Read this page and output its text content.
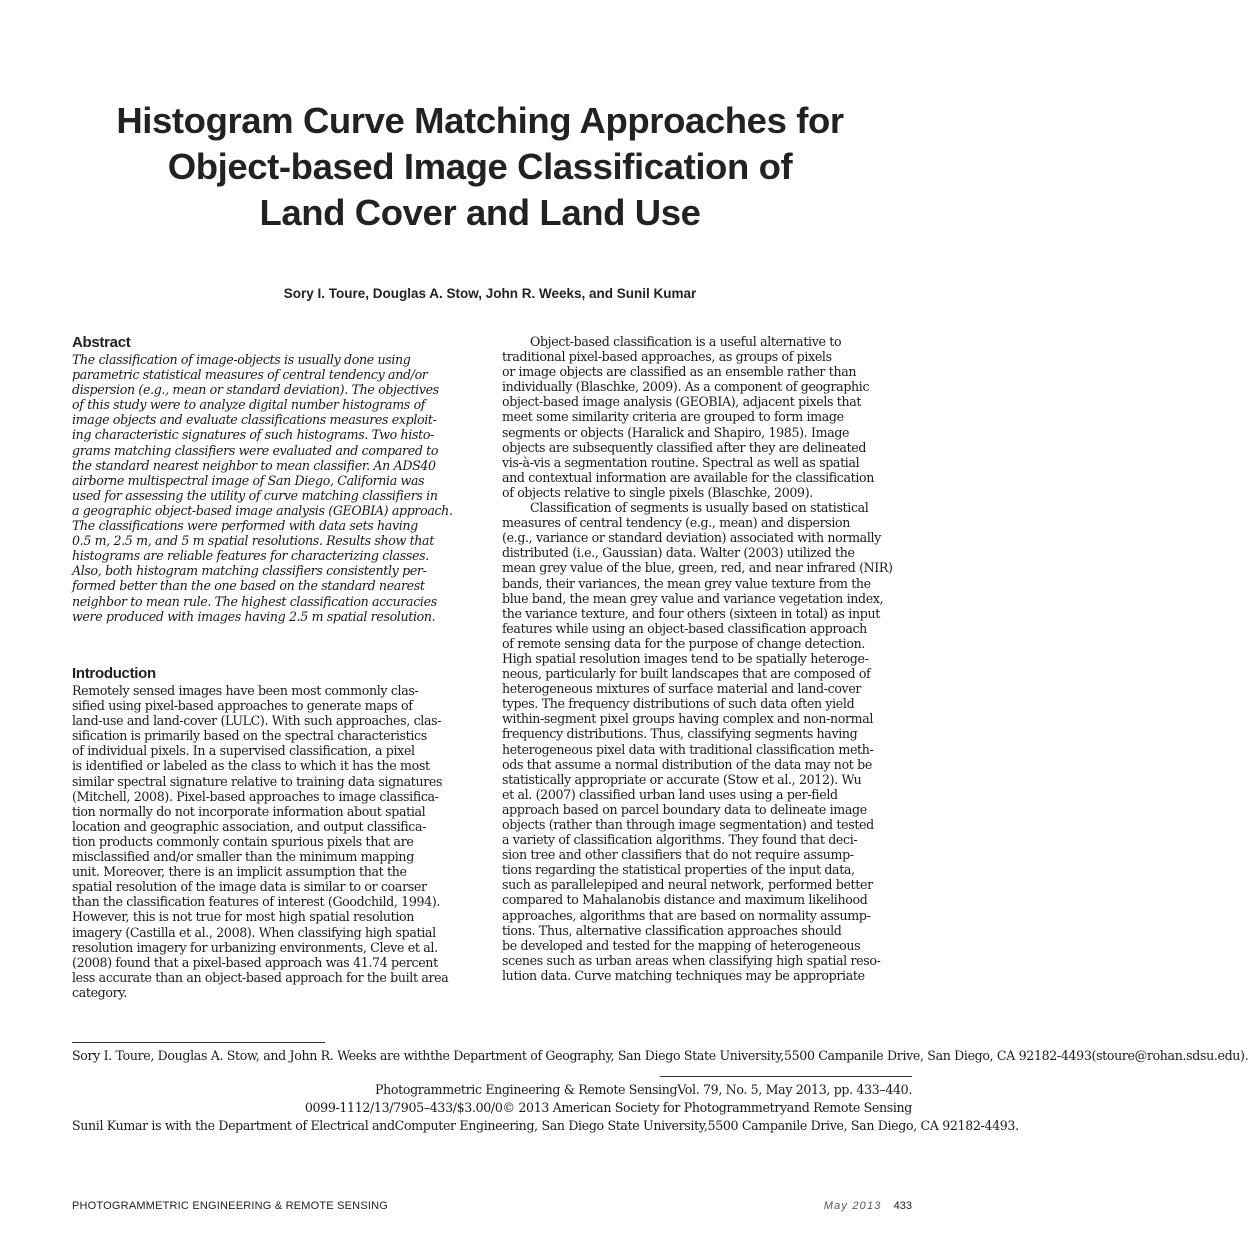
Histogram Curve Matching Approaches for
Object-based Image Classification of
Land Cover and Land Use
Sory I. Toure, Douglas A. Stow, John R. Weeks, and Sunil Kumar
Abstract
The classification of image-objects is usually done using
parametric statistical measures of central tendency and/or
dispersion (e.g., mean or standard deviation). The objectives
of this study were to analyze digital number histograms of
image objects and evaluate classifications measures exploit-
ing characteristic signatures of such histograms. Two histo-
grams matching classifiers were evaluated and compared to
the standard nearest neighbor to mean classifier. An ADS40
airborne multispectral image of San Diego, California was
used for assessing the utility of curve matching classifiers in
a geographic object-based image analysis (GEOBIA) approach.
The classifications were performed with data sets having
0.5 m, 2.5 m, and 5 m spatial resolutions. Results show that
histograms are reliable features for characterizing classes.
Also, both histogram matching classifiers consistently per-
formed better than the one based on the standard nearest
neighbor to mean rule. The highest classification accuracies
were produced with images having 2.5 m spatial resolution.
Introduction
Remotely sensed images have been most commonly clas-
sified using pixel-based approaches to generate maps of
land-use and land-cover (LULC). With such approaches, clas-
sification is primarily based on the spectral characteristics
of individual pixels. In a supervised classification, a pixel
is identified or labeled as the class to which it has the most
similar spectral signature relative to training data signatures
(Mitchell, 2008). Pixel-based approaches to image classifica-
tion normally do not incorporate information about spatial
location and geographic association, and output classifica-
tion products commonly contain spurious pixels that are
misclassified and/or smaller than the minimum mapping
unit. Moreover, there is an implicit assumption that the
spatial resolution of the image data is similar to or coarser
than the classification features of interest (Goodchild, 1994).
However, this is not true for most high spatial resolution
imagery (Castilla et al., 2008). When classifying high spatial
resolution imagery for urbanizing environments, Cleve et al.
(2008) found that a pixel-based approach was 41.74 percent
less accurate than an object-based approach for the built area
category.
Object-based classification is a useful alternative to
traditional pixel-based approaches, as groups of pixels
or image objects are classified as an ensemble rather than
individually (Blaschke, 2009). As a component of geographic
object-based image analysis (GEOBIA), adjacent pixels that
meet some similarity criteria are grouped to form image
segments or objects (Haralick and Shapiro, 1985). Image
objects are subsequently classified after they are delineated
vis-à-vis a segmentation routine. Spectral as well as spatial
and contextual information are available for the classification
of objects relative to single pixels (Blaschke, 2009).
Classification of segments is usually based on statistical
measures of central tendency (e.g., mean) and dispersion
(e.g., variance or standard deviation) associated with normally
distributed (i.e., Gaussian) data. Walter (2003) utilized the
mean grey value of the blue, green, red, and near infrared (NIR)
bands, their variances, the mean grey value texture from the
blue band, the mean grey value and variance vegetation index,
the variance texture, and four others (sixteen in total) as input
features while using an object-based classification approach
of remote sensing data for the purpose of change detection.
High spatial resolution images tend to be spatially heteroge-
neous, particularly for built landscapes that are composed of
heterogeneous mixtures of surface material and land-cover
types. The frequency distributions of such data often yield
within-segment pixel groups having complex and non-normal
frequency distributions. Thus, classifying segments having
heterogeneous pixel data with traditional classification meth-
ods that assume a normal distribution of the data may not be
statistically appropriate or accurate (Stow et al., 2012). Wu
et al. (2007) classified urban land uses using a per-field
approach based on parcel boundary data to delineate image
objects (rather than through image segmentation) and tested
a variety of classification algorithms. They found that deci-
sion tree and other classifiers that do not require assump-
tions regarding the statistical properties of the input data,
such as parallelepiped and neural network, performed better
compared to Mahalanobis distance and maximum likelihood
approaches, algorithms that are based on normality assump-
tions. Thus, alternative classification approaches should
be developed and tested for the mapping of heterogeneous
scenes such as urban areas when classifying high spatial reso-
lution data. Curve matching techniques may be appropriate
Sory I. Toure, Douglas A. Stow, and John R. Weeks are withthe Department of Geography, San Diego State University,5500 Campanile Drive, San Diego, CA 92182-4493(stoure@rohan.sdsu.edu).
Sunil Kumar is with the Department of Electrical andComputer Engineering, San Diego State University,5500 Campanile Drive, San Diego, CA 92182-4493.
Photogrammetric Engineering & Remote SensingVol. 79, No. 5, May 2013, pp. 433–440.
0099-1112/13/7905–433/$3.00/0© 2013 American Society for Photogrammetryand Remote Sensing
PHOTOGRAMMETRIC ENGINEERING & REMOTE SENSING	May 2013 433
